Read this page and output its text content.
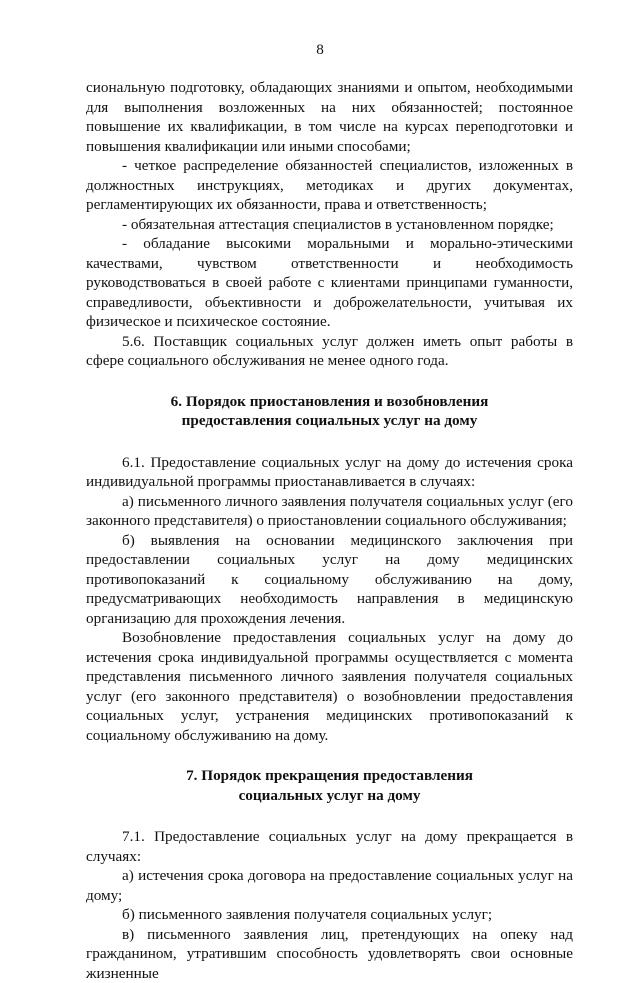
8

сиональную подготовку, обладающих знаниями и опытом, необходимыми для выполнения возложенных на них обязанностей; постоянное повышение их квалификации, в том числе на курсах переподготовки и повышения квалификации или иными способами;

- четкое распределение обязанностей специалистов, изложенных в должностных инструкциях, методиках и других документах, регламентирующих их обязанности, права и ответственность;

- обязательная аттестация специалистов в установленном порядке;

- обладание высокими моральными и морально-этическими качествами, чувством ответственности и необходимость руководствоваться в своей работе с клиентами принципами гуманности, справедливости, объективности и доброжелательности, учитывая их физическое и психическое состояние.

5.6. Поставщик социальных услуг должен иметь опыт работы в сфере социального обслуживания не менее одного года.

6. Порядок приостановления и возобновления
предоставления социальных услуг на дому

6.1. Предоставление социальных услуг на дому до истечения срока индивидуальной программы приостанавливается в случаях:

а) письменного личного заявления получателя социальных услуг (его законного представителя) о приостановлении социального обслуживания;

б) выявления на основании медицинского заключения при предоставлении социальных услуг на дому медицинских противопоказаний к социальному обслуживанию на дому, предусматривающих необходимость направления в медицинскую организацию для прохождения лечения.

Возобновление предоставления социальных услуг на дому до истечения срока индивидуальной программы осуществляется с момента представления письменного личного заявления получателя социальных услуг (его законного представителя) о возобновлении предоставления социальных услуг, устранения медицинских противопоказаний к социальному обслуживанию на дому.

7. Порядок прекращения предоставления
социальных услуг на дому

7.1. Предоставление социальных услуг на дому прекращается в случаях:

а) истечения срока договора на предоставление социальных услуг на дому;

б) письменного заявления получателя социальных услуг;

в) письменного заявления лиц, претендующих на опеку над гражданином, утратившим способность удовлетворять свои основные жизненные
